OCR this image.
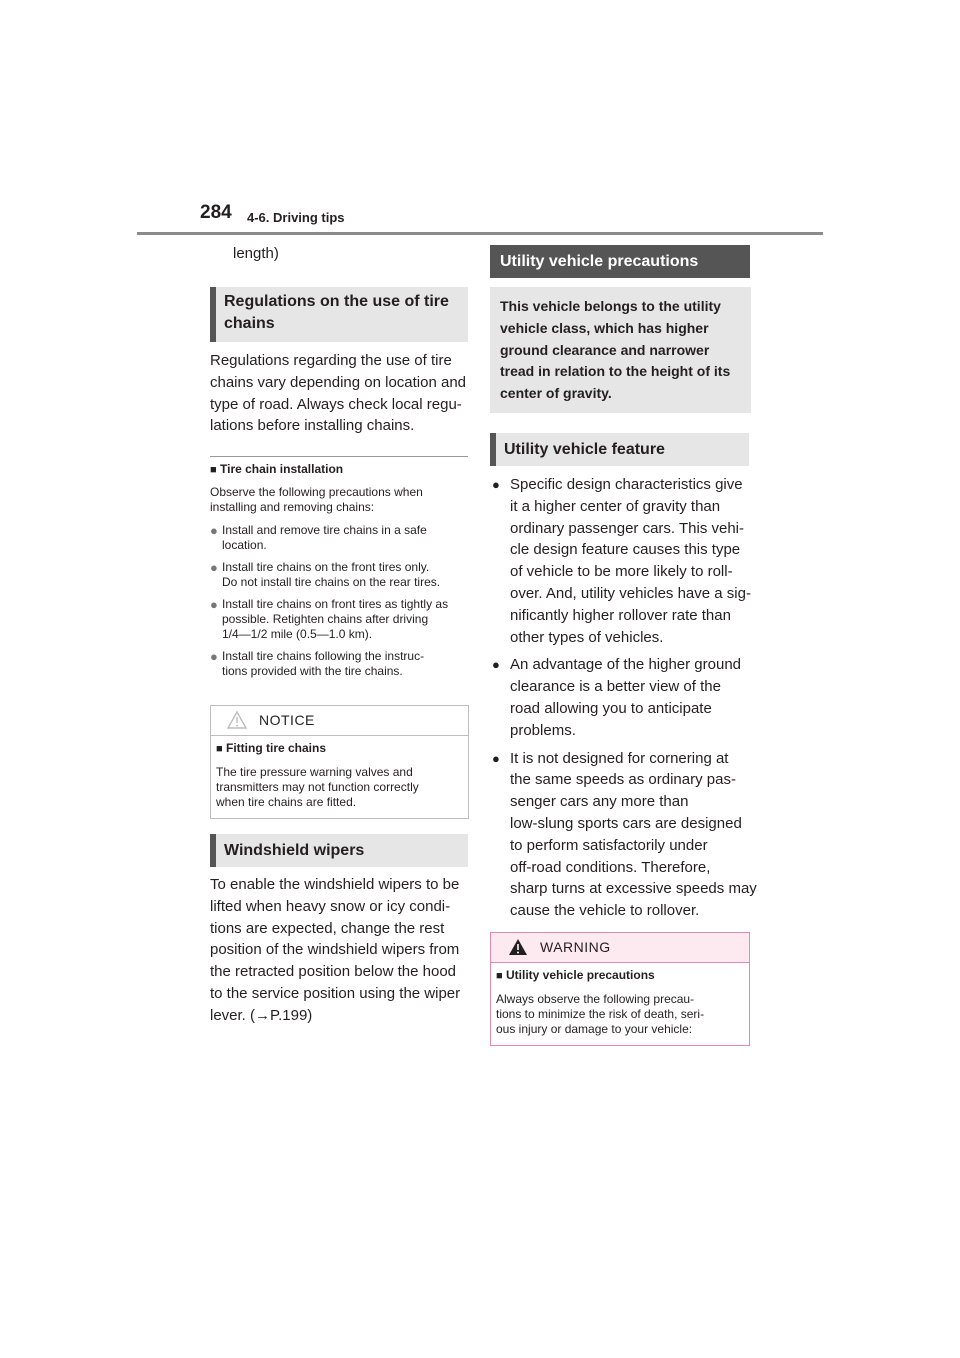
284 4-6. Driving tips
length)
Regulations on the use of tire
chains
Regulations regarding the use of tire
chains vary depending on location and
type of road. Always check local regu-
lations before installing chains.
■ Tire chain installation
Observe the following precautions when
installing and removing chains:
● Install and remove tire chains in a safe
location.
● Install tire chains on the front tires only.
Do not install tire chains on the rear tires.
● Install tire chains on front tires as tightly as
possible. Retighten chains after driving
1/4—1/2 mile (0.5—1.0 km).
● Install tire chains following the instruc-
tions provided with the tire chains.
NOTICE
■ Fitting tire chains
The tire pressure warning valves and
transmitters may not function correctly
when tire chains are fitted.
Windshield wipers
To enable the windshield wipers to be
lifted when heavy snow or icy condi-
tions are expected, change the rest
position of the windshield wipers from
the retracted position below the hood
to the service position using the wiper
lever. (→P.199)
Utility vehicle precautions
This vehicle belongs to the utility
vehicle class, which has higher
ground clearance and narrower
tread in relation to the height of its
center of gravity.
Utility vehicle feature
● Specific design characteristics give
it a higher center of gravity than
ordinary passenger cars. This vehi-
cle design feature causes this type
of vehicle to be more likely to roll-
over. And, utility vehicles have a sig-
nificantly higher rollover rate than
other types of vehicles.
● An advantage of the higher ground
clearance is a better view of the
road allowing you to anticipate
problems.
● It is not designed for cornering at
the same speeds as ordinary pas-
senger cars any more than
low-slung sports cars are designed
to perform satisfactorily under
off-road conditions. Therefore,
sharp turns at excessive speeds may
cause the vehicle to rollover.
WARNING
■ Utility vehicle precautions
Always observe the following precau-
tions to minimize the risk of death, seri-
ous injury or damage to your vehicle:
